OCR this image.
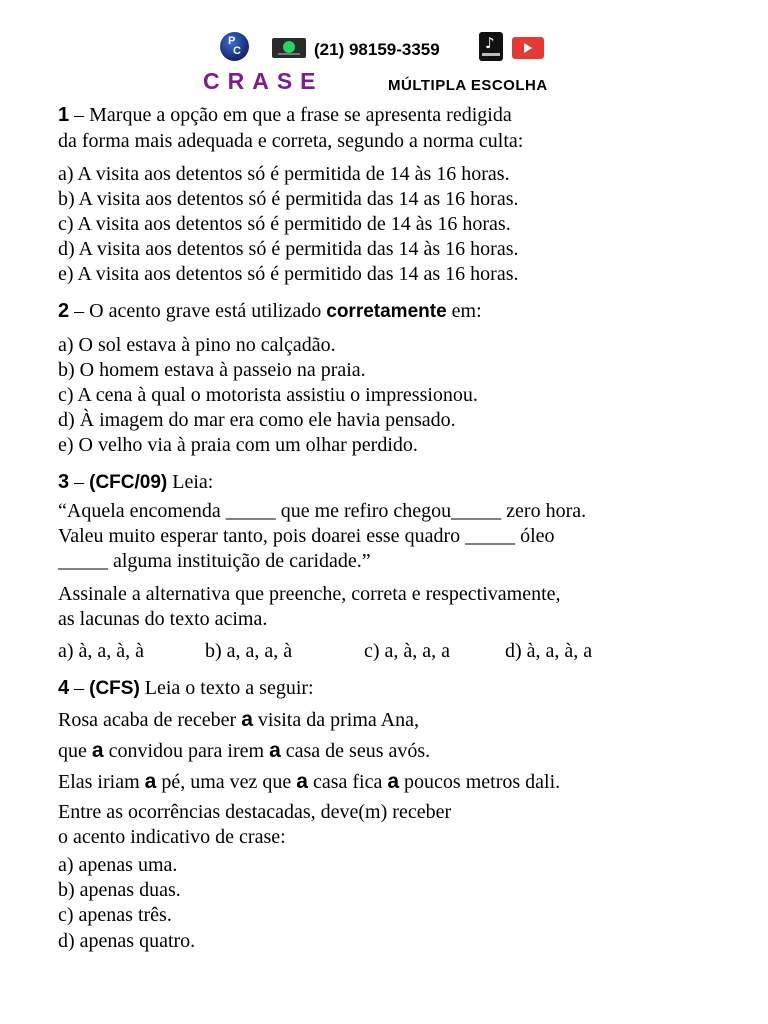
P
C	(21) 98159-3359	♪
CRASE	MÚLTIPLA ESCOLHA
1 – Marque a opção em que a frase se apresenta redigida
da forma mais adequada e correta, segundo a norma culta:
a) A visita aos detentos só é permitida de 14 às 16 horas.
b) A visita aos detentos só é permitida das 14 as 16 horas.
c) A visita aos detentos só é permitido de 14 às 16 horas.
d) A visita aos detentos só é permitida das 14 às 16 horas.
e) A visita aos detentos só é permitido das 14 as 16 horas.
2 – O acento grave está utilizado corretamente em:
a) O sol estava à pino no calçadão.
b) O homem estava à passeio na praia.
c) A cena à qual o motorista assistiu o impressionou.
d) À imagem do mar era como ele havia pensado.
e) O velho via à praia com um olhar perdido.
3 – (CFC/09) Leia:
“Aquela encomenda _____ que me refiro chegou_____ zero hora.
Valeu muito esperar tanto, pois doarei esse quadro _____ óleo
_____ alguma instituição de caridade.”
Assinale a alternativa que preenche, correta e respectivamente,
as lacunas do texto acima.
a) à, a, à, à	b) a, a, a, à	c) a, à, a, a	d) à, a, à, a
4 – (CFS) Leia o texto a seguir:
Rosa acaba de receber a visita da prima Ana,
que a convidou para irem a casa de seus avós.
Elas iriam a pé, uma vez que a casa fica a poucos metros dali.
Entre as ocorrências destacadas, deve(m) receber
o acento indicativo de crase:
a) apenas uma.
b) apenas duas.
c) apenas três.
d) apenas quatro.
